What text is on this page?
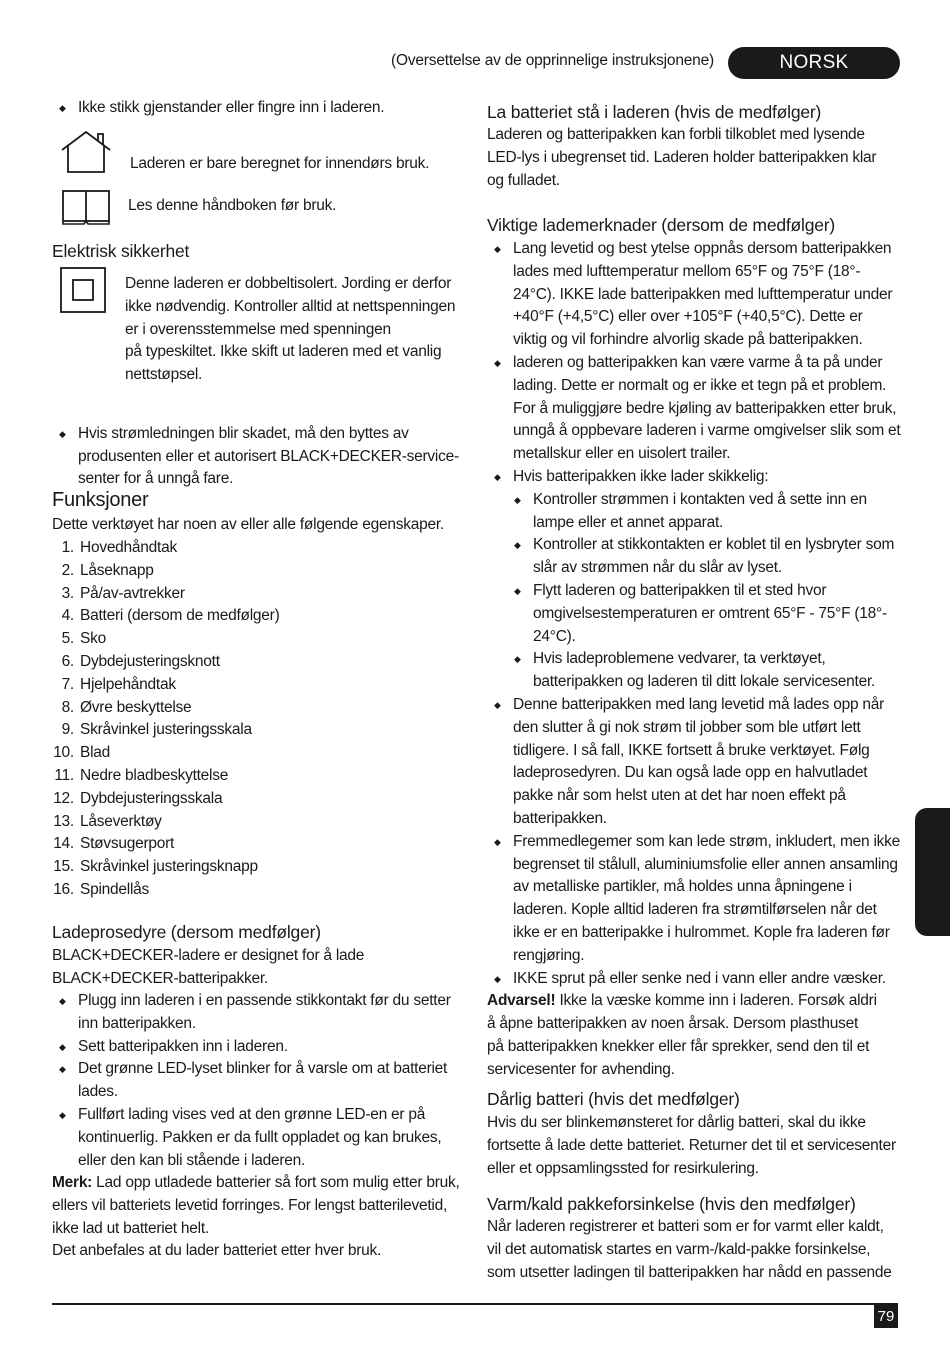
(Oversettelse av de opprinnelige instruksjonene)	NORSK
◆ Ikke stikk gjenstander eller fingre inn i laderen.
Laderen er bare beregnet for innendørs bruk.
Les denne håndboken før bruk.
Elektrisk sikkerhet
Denne laderen er dobbeltisolert. Jording er derfor
ikke nødvendig. Kontroller alltid at nettspenningen
er i overensstemmelse med spenningen
på typeskiltet. Ikke skift ut laderen med et vanlig
nettstøpsel.
◆ Hvis strømledningen blir skadet, må den byttes av
produsenten eller et autorisert BLACK+DECKER-service-
senter for å unngå fare.
Funksjoner
Dette verktøyet har noen av eller alle følgende egenskaper.
1. Hovedhåndtak
2. Låseknapp
3. På/av-avtrekker
4. Batteri (dersom de medfølger)
5. Sko
6. Dybdejusteringsknott
7. Hjelpehåndtak
8. Øvre beskyttelse
9. Skråvinkel justeringsskala
10. Blad
11. Nedre bladbeskyttelse
12. Dybdejusteringsskala
13. Låseverktøy
14. Støvsugerport
15. Skråvinkel justeringsknapp
16. Spindellås
Ladeprosedyre (dersom medfølger)
BLACK+DECKER-ladere er designet for å lade
BLACK+DECKER-batteripakker.
◆ Plugg inn laderen i en passende stikkontakt før du setter
inn batteripakken.
◆ Sett batteripakken inn i laderen.
◆ Det grønne LED-lyset blinker for å varsle om at batteriet
lades.
◆ Fullført lading vises ved at den grønne LED-en er på
kontinuerlig. Pakken er da fullt oppladet og kan brukes,
eller den kan bli stående i laderen.
Merk: Lad opp utladede batterier så fort som mulig etter bruk,
ellers vil batteriets levetid forringes. For lengst batterilevetid,
ikke lad ut batteriet helt.
Det anbefales at du lader batteriet etter hver bruk.
La batteriet stå i laderen (hvis de medfølger)
Laderen og batteripakken kan forbli tilkoblet med lysende
LED-lys i ubegrenset tid. Laderen holder batteripakken klar
og fulladet.
Viktige lademerknader (dersom de medfølger)
◆ Lang levetid og best ytelse oppnås dersom batteripakken
lades med lufttemperatur mellom 65°F og 75°F (18°-
24°C). IKKE lade batteripakken med lufttemperatur under
+40°F (+4,5°C) eller over +105°F (+40,5°C). Dette er
viktig og vil forhindre alvorlig skade på batteripakken.
◆ laderen og batteripakken kan være varme å ta på under
lading. Dette er normalt og er ikke et tegn på et problem.
For å muliggjøre bedre kjøling av batteripakken etter bruk,
unngå å oppbevare laderen i varme omgivelser slik som et
metallskur eller en uisolert trailer.
◆ Hvis batteripakken ikke lader skikkelig:
◆ Kontroller strømmen i kontakten ved å sette inn en
lampe eller et annet apparat.
◆ Kontroller at stikkontakten er koblet til en lysbryter som
slår av strømmen når du slår av lyset.
◆ Flytt laderen og batteripakken til et sted hvor
omgivelsestemperaturen er omtrent 65°F - 75°F (18°-
24°C).
◆ Hvis ladeproblemene vedvarer, ta verktøyet,
batteripakken og laderen til ditt lokale servicesenter.
◆ Denne batteripakken med lang levetid må lades opp når
den slutter å gi nok strøm til jobber som ble utført lett
tidligere. I så fall, IKKE fortsett å bruke verktøyet. Følg
ladeprosedyren. Du kan også lade opp en halvutladet
pakke når som helst uten at det har noen effekt på
batteripakken.
◆ Fremmedlegemer som kan lede strøm, inkludert, men ikke
begrenset til stålull, aluminiumsfolie eller annen ansamling
av metalliske partikler, må holdes unna åpningene i
laderen. Kople alltid laderen fra strømtilførselen når det
ikke er en batteripakke i hulrommet. Kople fra laderen før
rengjøring.
◆ IKKE sprut på eller senke ned i vann eller andre væsker.
Advarsel! Ikke la væske komme inn i laderen. Forsøk aldri
å åpne batteripakken av noen årsak. Dersom plasthuset
på batteripakken knekker eller får sprekker, send den til et
servicesenter for avhending.
Dårlig batteri (hvis det medfølger)
Hvis du ser blinkemønsteret for dårlig batteri, skal du ikke
fortsette å lade dette batteriet. Returner det til et servicesenter
eller et oppsamlingssted for resirkulering.
Varm/kald pakkeforsinkelse (hvis den medfølger)
Når laderen registrerer et batteri som er for varmt eller kaldt,
vil det automatisk startes en varm-/kald-pakke forsinkelse,
som utsetter ladingen til batteripakken har nådd en passende
79
